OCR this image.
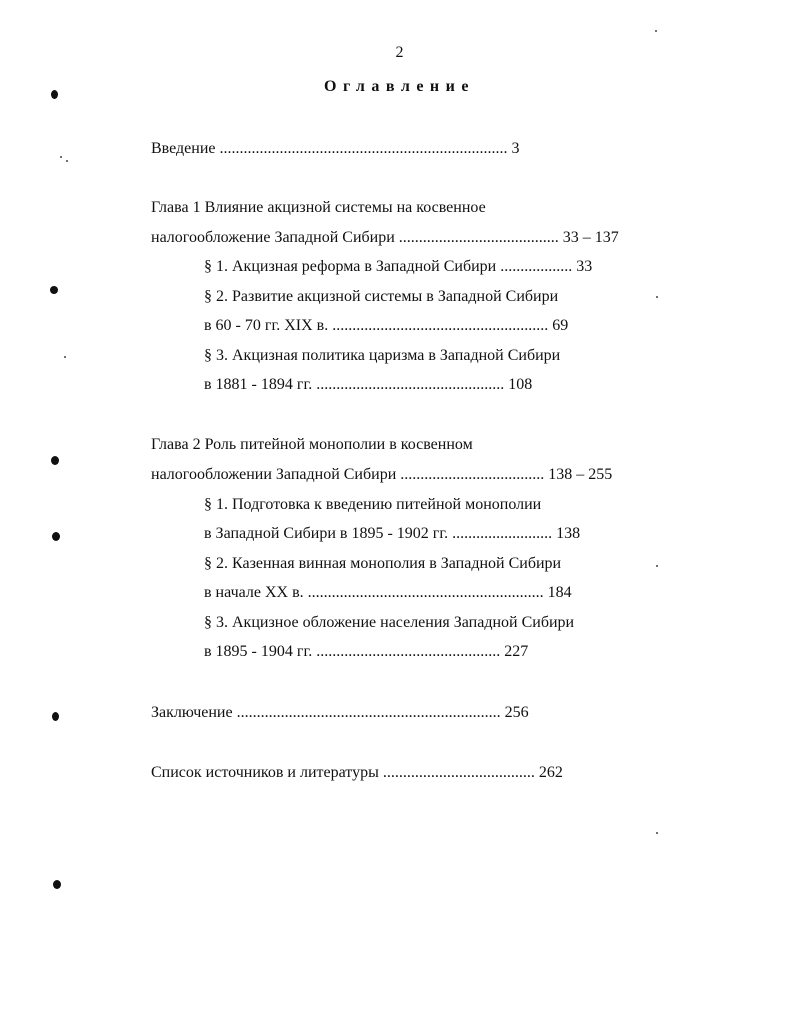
2
Оглавление
Введение ........................................................................ 3
Глава 1 Влияние акцизной системы на косвенное
налогообложение Западной Сибири ........................................ 33 – 137
§ 1. Акцизная реформа в Западной Сибири .................. 33
§ 2. Развитие акцизной системы в Западной Сибири
в 60 - 70 гг. XIX в. ...................................................... 69
§ 3. Акцизная политика царизма в Западной Сибири
в 1881 - 1894 гг. ............................................... 108
Глава 2 Роль питейной монополии в косвенном
налогообложении Западной Сибири .................................... 138 – 255
§ 1. Подготовка к введению питейной монополии
в Западной Сибири в 1895 - 1902 гг. ......................... 138
§ 2. Казенная винная монополия в Западной Сибири
в начале XX в. ........................................................... 184
§ 3. Акцизное обложение населения Западной Сибири
в 1895 - 1904 гг. .............................................. 227
Заключение .................................................................. 256
Список источников и литературы ...................................... 262
